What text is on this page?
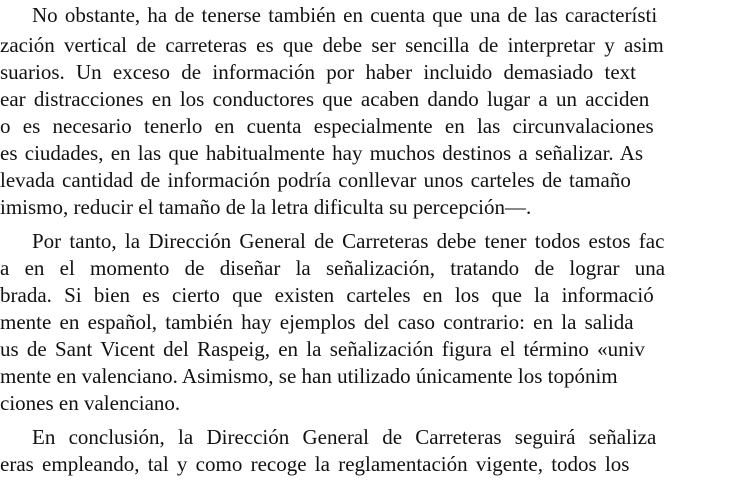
No obstante, ha de tenerse también en cuenta que una de las característi
zación vertical de carreteras es que debe ser sencilla de interpretar y asim
suarios. Un exceso de información por haber incluido demasiado text
ear distracciones en los conductores que acaben dando lugar a un acciden
o es necesario tenerlo en cuenta especialmente en las circunvalaciones
es ciudades, en las que habitualmente hay muchos destinos a señalizar. As
levada cantidad de información podría conllevar unos carteles de tamaño
imismo, reducir el tamaño de la letra dificulta su percepción—.
Por tanto, la Dirección General de Carreteras debe tener todos estos fac
a en el momento de diseñar la señalización, tratando de lograr una
brada. Si bien es cierto que existen carteles en los que la informació
mente en español, también hay ejemplos del caso contrario: en la salida
us de Sant Vicent del Raspeig, en la señalización figura el término «univ
mente en valenciano. Asimismo, se han utilizado únicamente los topónim
ciones en valenciano.
En conclusión, la Dirección General de Carreteras seguirá señaliza
eras empleando, tal y como recoge la reglamentación vigente, todos los
